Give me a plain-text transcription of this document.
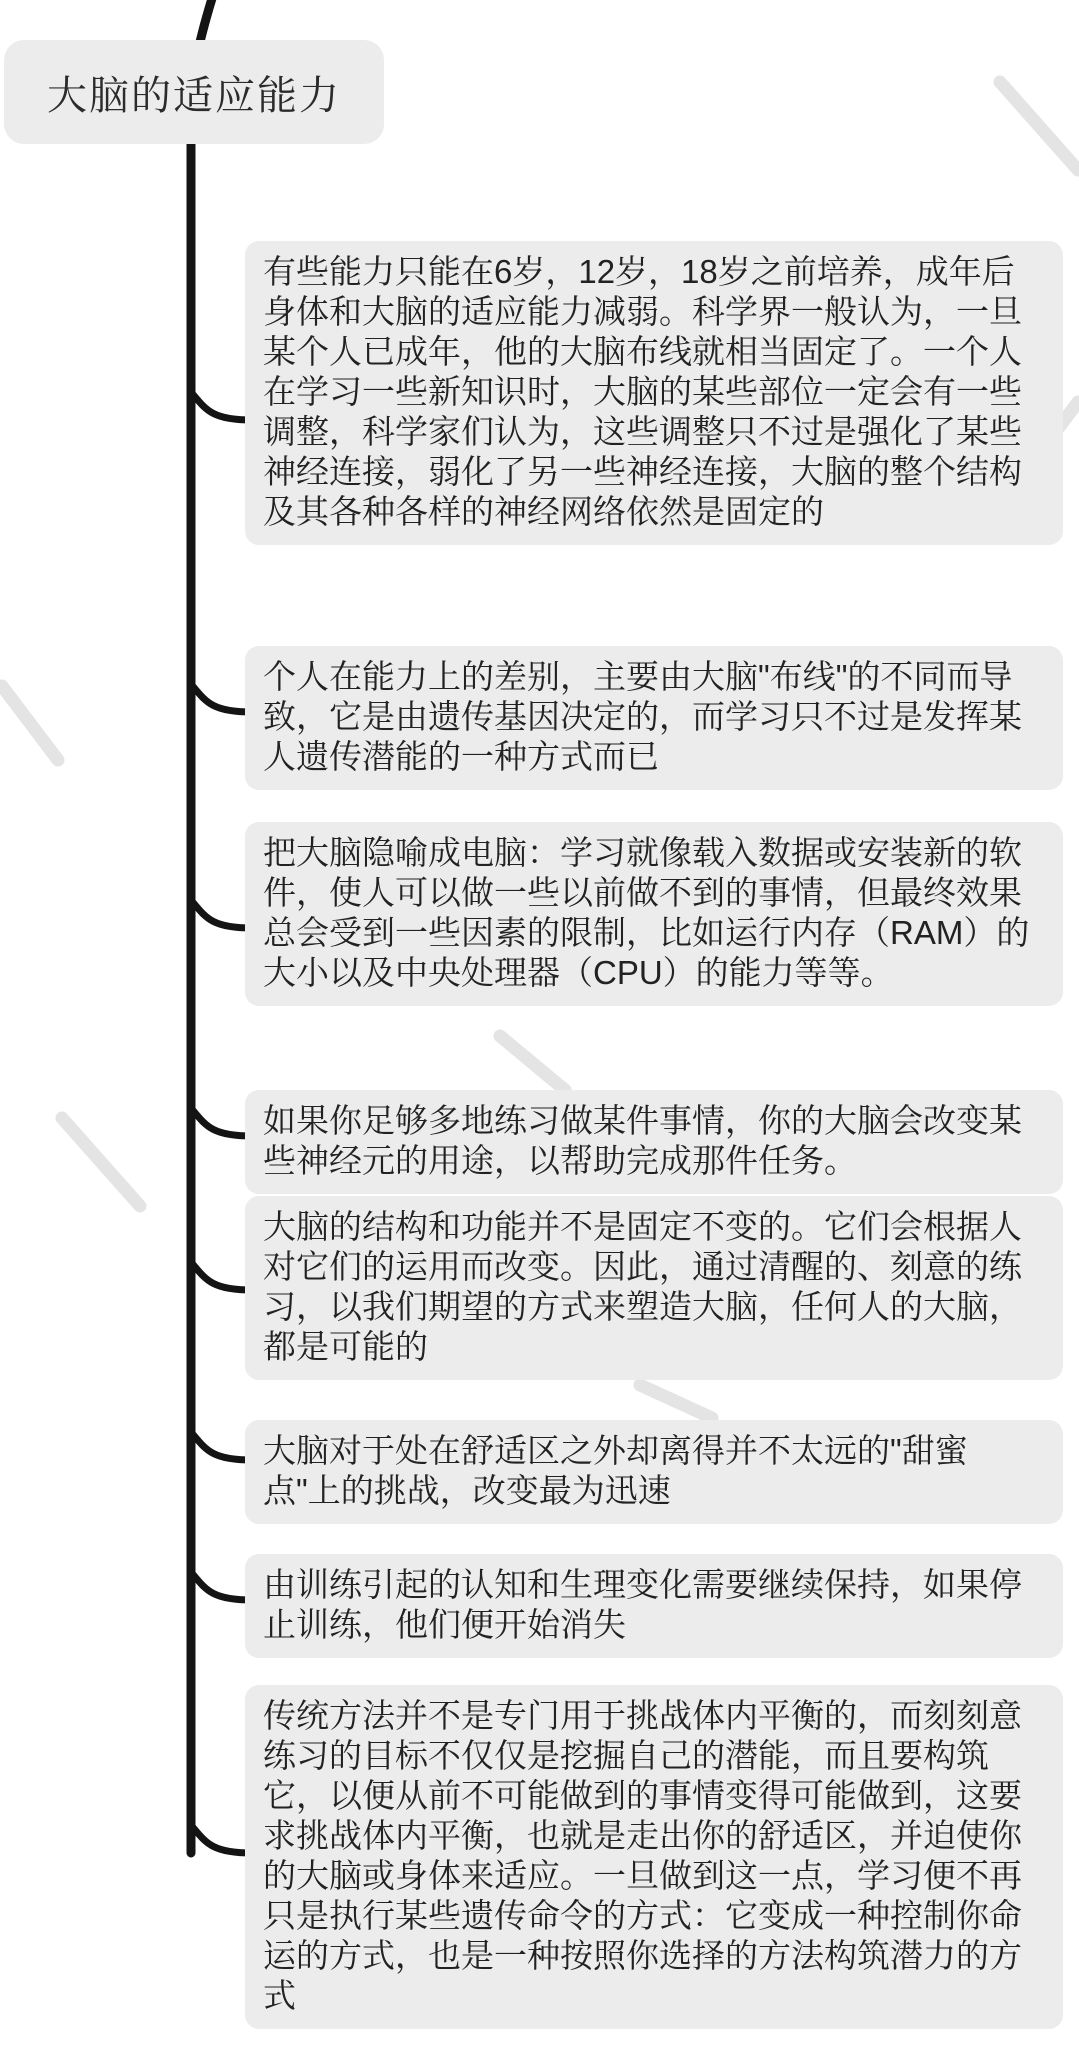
大脑的适应能力
有些能力只能在6岁，12岁，18岁之前培养，成年后身体和大脑的适应能力减弱。科学界一般认为，一旦某个人已成年，他的大脑布线就相当固定了。一个人在学习一些新知识时，大脑的某些部位一定会有一些调整，科学家们认为，这些调整只不过是强化了某些神经连接，弱化了另一些神经连接，大脑的整个结构及其各种各样的神经网络依然是固定的
个人在能力上的差别，主要由大脑"布线"的不同而导致，它是由遗传基因决定的，而学习只不过是发挥某人遗传潜能的一种方式而已
把大脑隐喻成电脑：学习就像载入数据或安装新的软件，使人可以做一些以前做不到的事情，但最终效果总会受到一些因素的限制，比如运行内存（RAM）的大小以及中央处理器（CPU）的能力等等。
如果你足够多地练习做某件事情，你的大脑会改变某些神经元的用途，以帮助完成那件任务。
大脑的结构和功能并不是固定不变的。它们会根据人对它们的运用而改变。因此，通过清醒的、刻意的练习，以我们期望的方式来塑造大脑，任何人的大脑，都是可能的
大脑对于处在舒适区之外却离得并不太远的"甜蜜点"上的挑战，改变最为迅速
由训练引起的认知和生理变化需要继续保持，如果停止训练，他们便开始消失
传统方法并不是专门用于挑战体内平衡的，而刻刻意练习的目标不仅仅是挖掘自己的潜能，而且要构筑它，以便从前不可能做到的事情变得可能做到，这要求挑战体内平衡，也就是走出你的舒适区，并迫使你的大脑或身体来适应。一旦做到这一点，学习便不再只是执行某些遗传命令的方式：它变成一种控制你命运的方式，也是一种按照你选择的方法构筑潜力的方式
